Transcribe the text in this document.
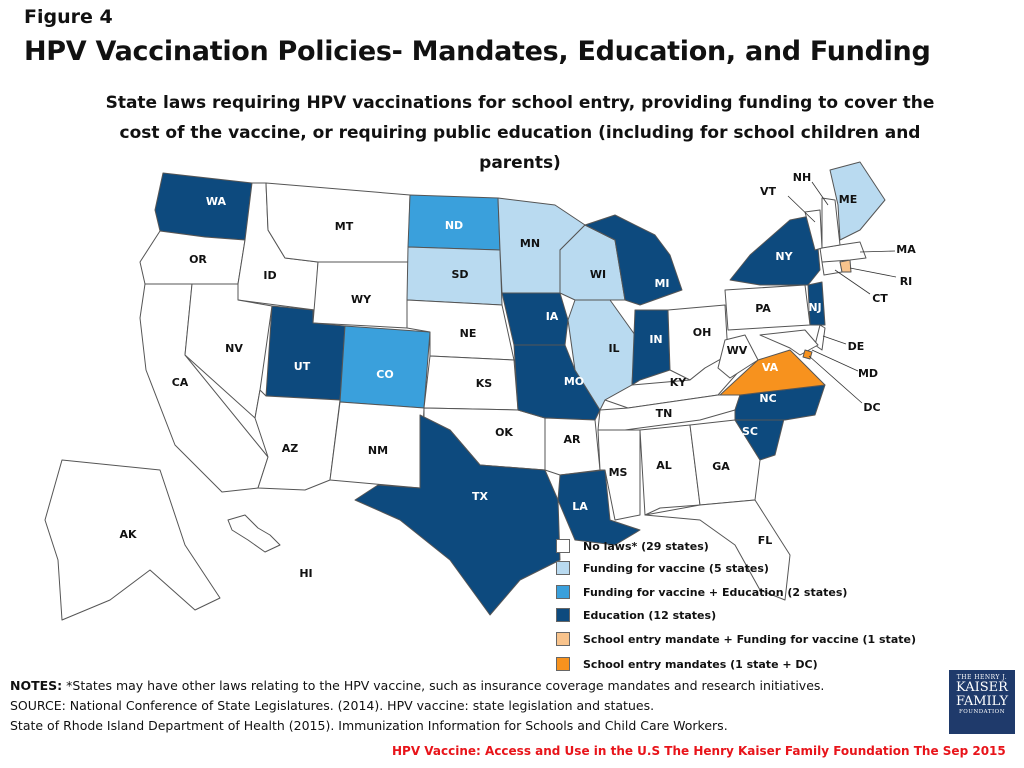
Figure 4
HPV Vaccination Policies- Mandates, Education, and Funding
State laws requiring HPV vaccinations for school entry, providing funding to cover the cost of the vaccine, or requiring public education (including for school children and parents)
WA
OR
CA
ID
NV
MT
WY
UT
AZ
CO
NM
ND
SD
NE
KS
OK
TX
MN
IA
MO
AR
LA
WI
IL
MI
IN
OH
KY
TN
MS
AL	GA
FL
SC
NC
VA
WV
PA
NY
NJ
DE
MD
DC
CT
RI
MA
VT
NH
ME
AK
HI
No laws* (29 states)
Funding for vaccine (5 states)
Funding for vaccine + Education (2 states)
Education (12 states)
School entry mandate + Funding for vaccine (1 state)
School entry mandates (1 state + DC)
NOTES: *States may have other laws relating to the HPV vaccine, such as insurance coverage mandates and research initiatives.
SOURCE: National Conference of State Legislatures. (2014). HPV vaccine: state legislation and statues.
State of Rhode Island Department of Health (2015). Immunization Information for Schools and Child Care Workers.
THE HENRY J.
KAISER
FAMILY
FOUNDATION
HPV Vaccine: Access and Use in the U.S The Henry Kaiser Family Foundation The Sep 2015
